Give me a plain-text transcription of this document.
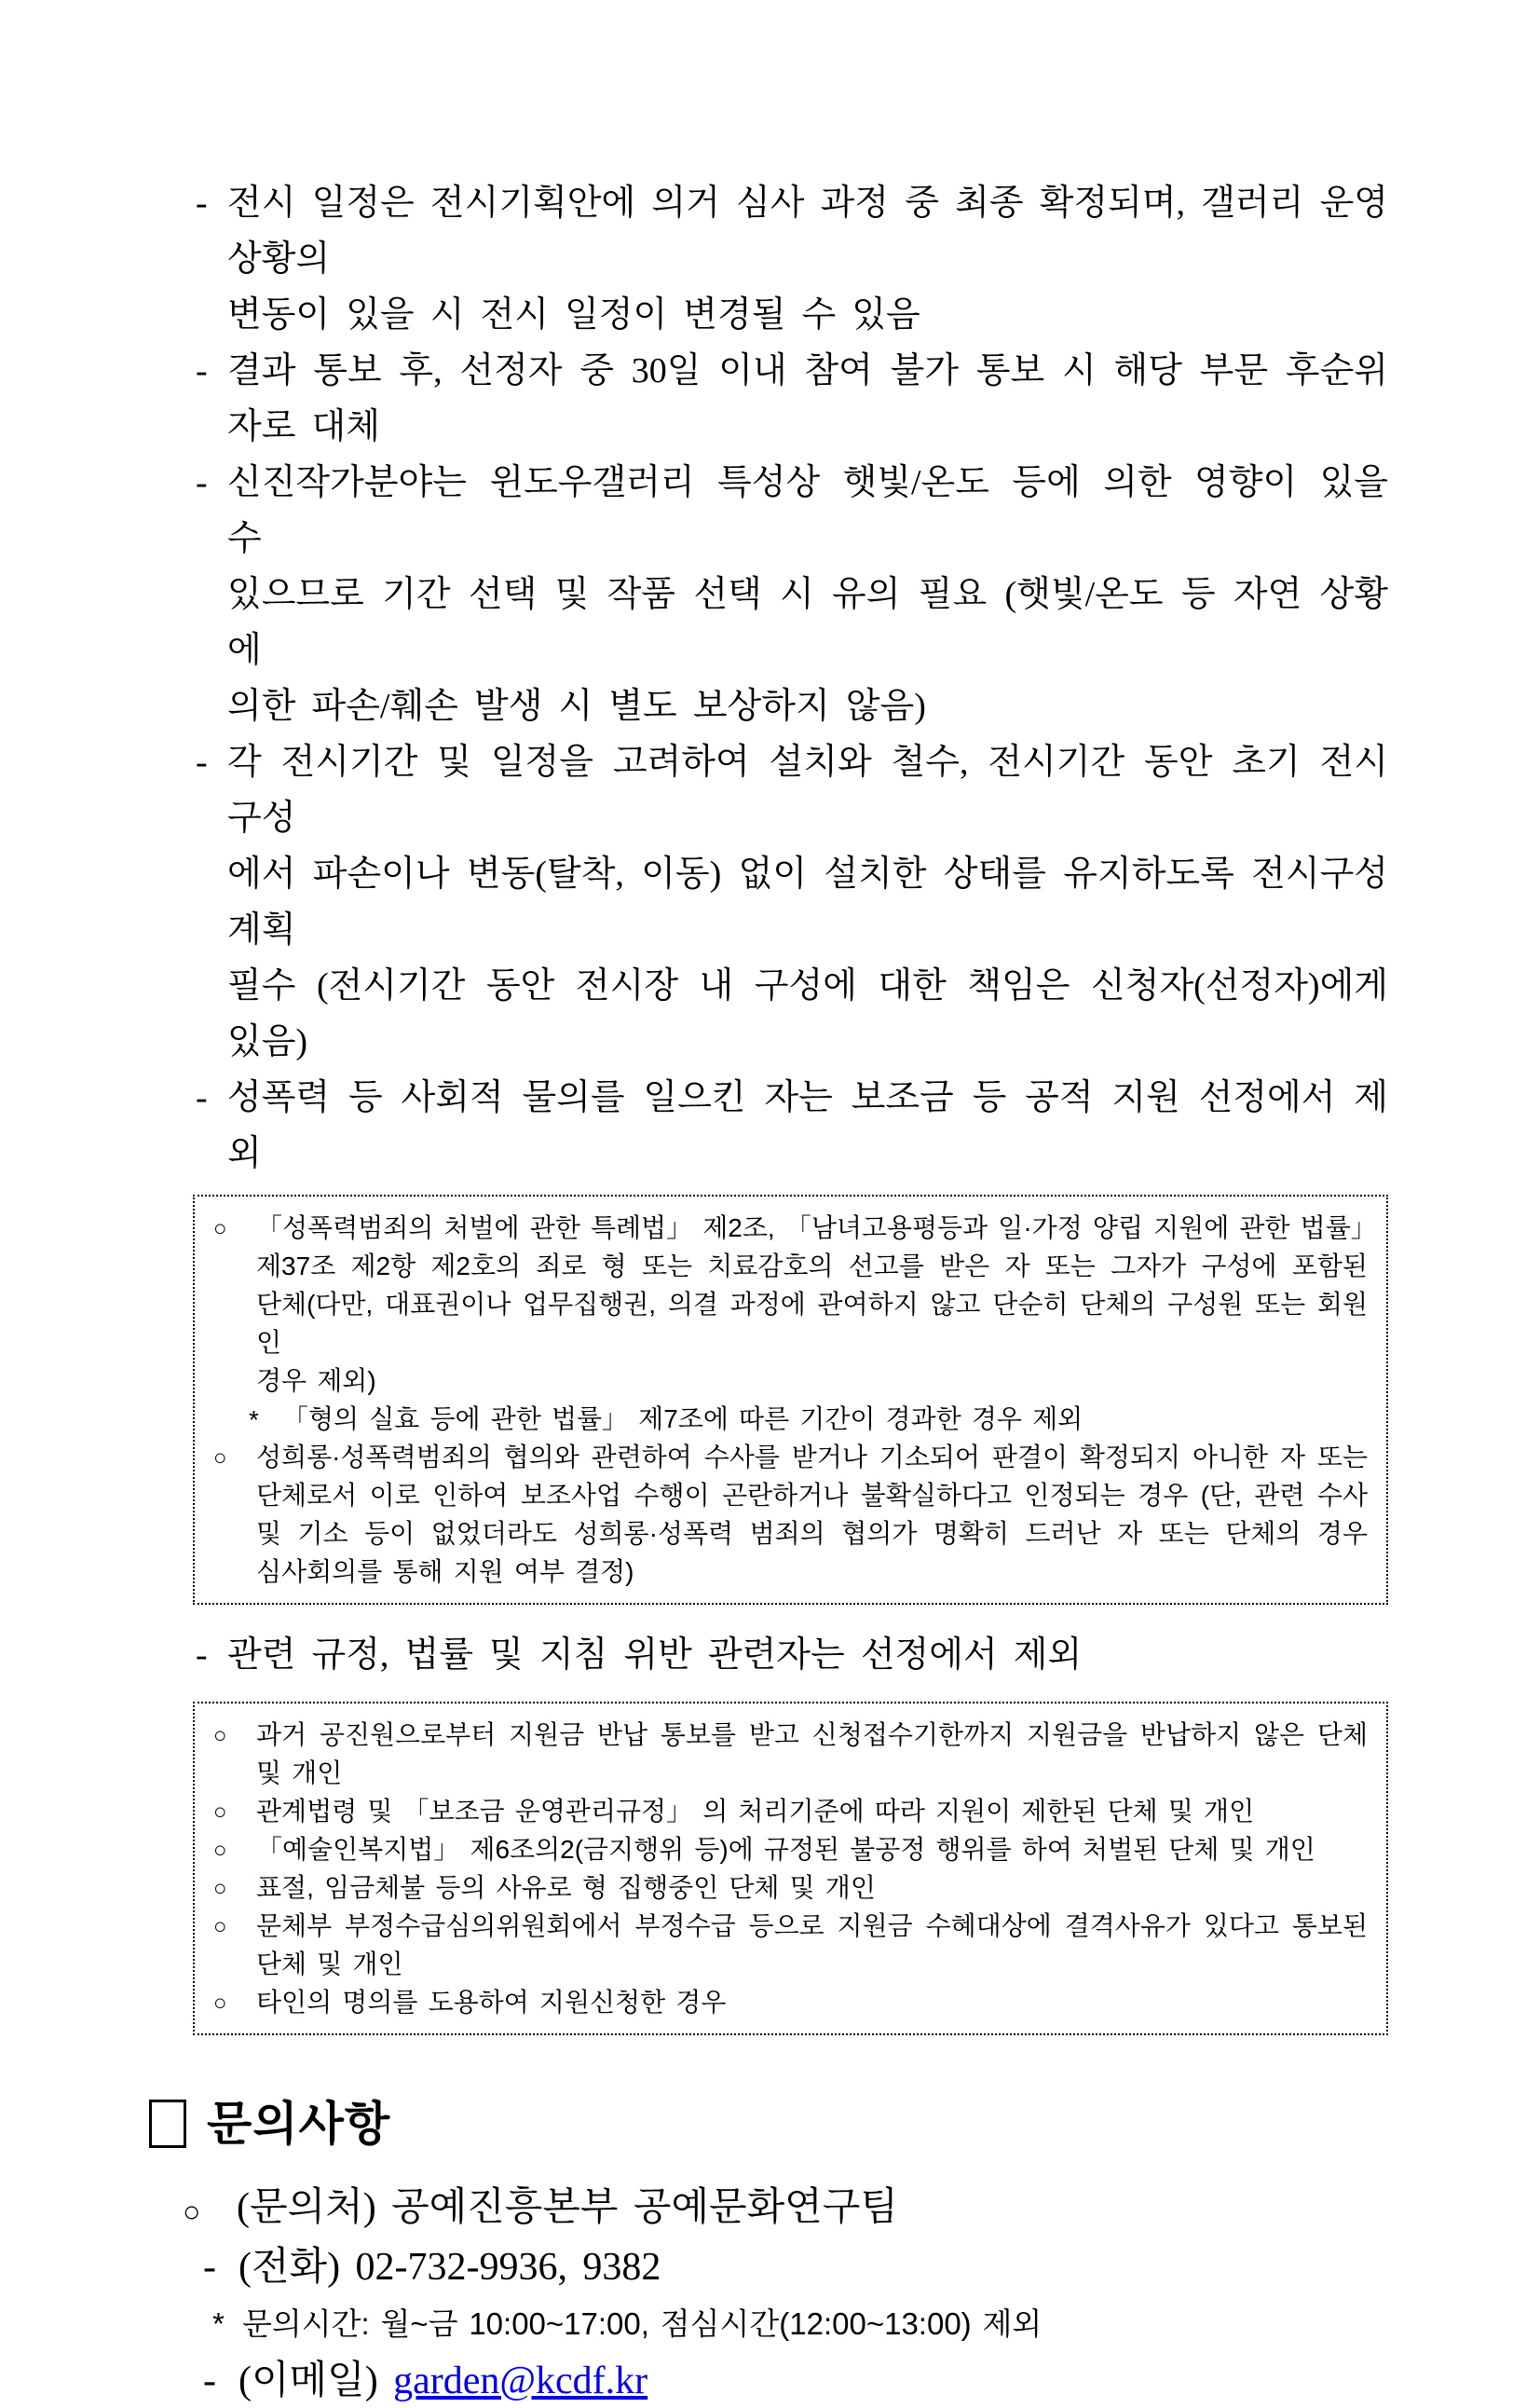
- 전시 일정은 전시기획안에 의거 심사 과정 중 최종 확정되며, 갤러리 운영상황의
변동이 있을 시 전시 일정이 변경될 수 있음
- 결과 통보 후, 선정자 중 30일 이내 참여 불가 통보 시 해당 부문 후순위자로 대체
- 신진작가분야는 윈도우갤러리 특성상 햇빛/온도 등에 의한 영향이 있을 수
있으므로 기간 선택 및 작품 선택 시 유의 필요 (햇빛/온도 등 자연 상황에
의한 파손/훼손 발생 시 별도 보상하지 않음)
- 각 전시기간 및 일정을 고려하여 설치와 철수, 전시기간 동안 초기 전시 구성
에서 파손이나 변동(탈착, 이동) 없이 설치한 상태를 유지하도록 전시구성 계획
필수 (전시기간 동안 전시장 내 구성에 대한 책임은 신청자(선정자)에게 있음)
- 성폭력 등 사회적 물의를 일으킨 자는 보조금 등 공적 지원 선정에서 제외
○ 「성폭력범죄의 처벌에 관한 특례법」 제2조, 「남녀고용평등과 일·가정 양립 지원에 관한 법률」
제37조 제2항 제2호의 죄로 형 또는 치료감호의 선고를 받은 자 또는 그자가 구성에 포함된
단체(다만, 대표권이나 업무집행권, 의결 과정에 관여하지 않고 단순히 단체의 구성원 또는 회원인
경우 제외)
* 「형의 실효 등에 관한 법률」 제7조에 따른 기간이 경과한 경우 제외
○ 성희롱·성폭력범죄의 협의와 관련하여 수사를 받거나 기소되어 판결이 확정되지 아니한 자 또는
단체로서 이로 인하여 보조사업 수행이 곤란하거나 불확실하다고 인정되는 경우 (단, 관련 수사
및 기소 등이 없었더라도 성희롱·성폭력 범죄의 협의가 명확히 드러난 자 또는 단체의 경우
심사회의를 통해 지원 여부 결정)
- 관련 규정, 법률 및 지침 위반 관련자는 선정에서 제외
○ 과거 공진원으로부터 지원금 반납 통보를 받고 신청접수기한까지 지원금을 반납하지 않은 단체 및 개인
○ 관계법령 및 「보조금 운영관리규정」 의 처리기준에 따라 지원이 제한된 단체 및 개인
○ 「예술인복지법」 제6조의2(금지행위 등)에 규정된 불공정 행위를 하여 처벌된 단체 및 개인
○ 표절, 임금체불 등의 사유로 형 집행중인 단체 및 개인
○ 문체부 부정수급심의위원회에서 부정수급 등으로 지원금 수혜대상에 결격사유가 있다고 통보된
단체 및 개인
○ 타인의 명의를 도용하여 지원신청한 경우
문의사항
○ (문의처) 공예진흥본부 공예문화연구팀
- (전화) 02-732-9936, 9382
* 문의시간: 월~금 10:00~17:00, 점심시간(12:00~13:00) 제외
- (이메일) garden@kcdf.kr
